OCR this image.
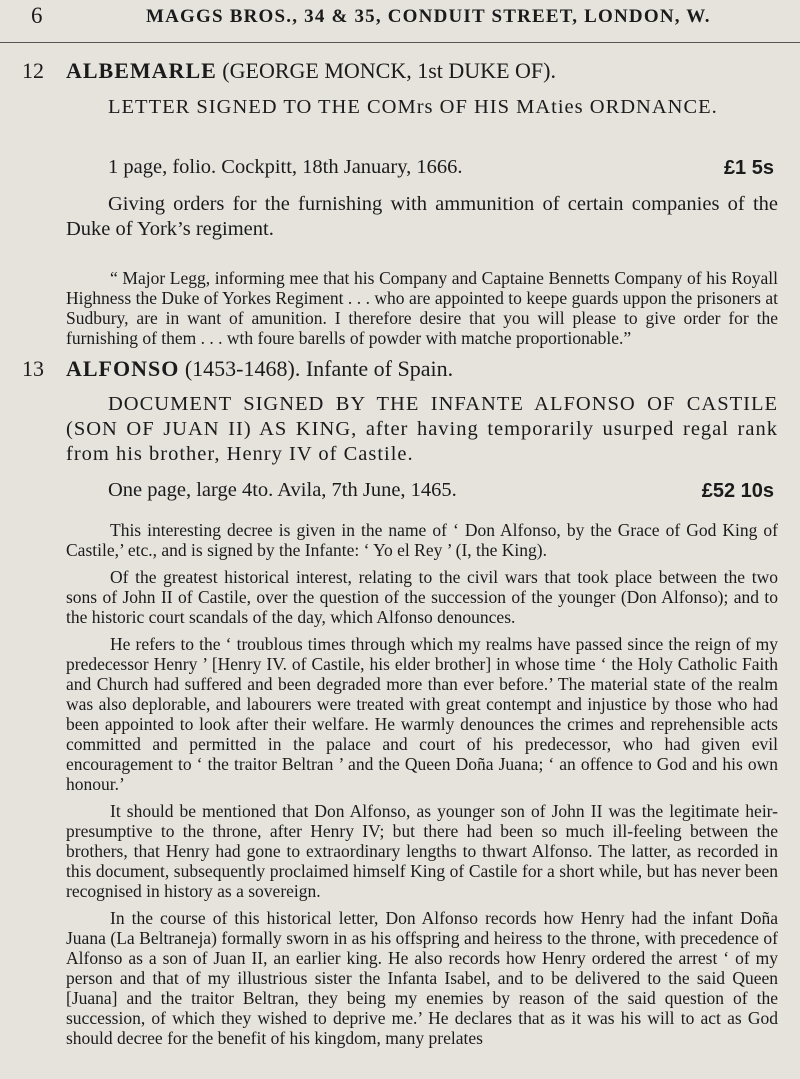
6	MAGGS BROS., 34 & 35, CONDUIT STREET, LONDON, W.
12 ALBEMARLE (GEORGE MONCK, 1st DUKE OF).
LETTER SIGNED TO THE COMrs OF HIS MAties ORDNANCE.
1 page, folio. Cockpitt, 18th January, 1666.	£1 5s
Giving orders for the furnishing with ammunition of certain companies of the Duke of York’s regiment.

“ Major Legg, informing mee that his Company and Captaine Bennetts Company of his Royall Highness the Duke of Yorkes Regiment . . . who are appointed to keepe guards uppon the prisoners at Sudbury, are in want of amunition. I therefore desire that you will please to give order for the furnishing of them . . . wth foure barells of powder with matche proportionable.”

13 ALFONSO (1453-1468). Infante of Spain.
DOCUMENT SIGNED BY THE INFANTE ALFONSO OF CASTILE (SON OF JUAN II) AS KING, after having temporarily usurped regal rank from his brother, Henry IV of Castile.
One page, large 4to. Avila, 7th June, 1465.	£52 10s

This interesting decree is given in the name of ‘ Don Alfonso, by the Grace of God King of Castile,’ etc., and is signed by the Infante: ‘ Yo el Rey ’ (I, the King).

Of the greatest historical interest, relating to the civil wars that took place between the two sons of John II of Castile, over the question of the succession of the younger (Don Alfonso); and to the historic court scandals of the day, which Alfonso denounces.

He refers to the ‘ troublous times through which my realms have passed since the reign of my predecessor Henry ’ [Henry IV. of Castile, his elder brother] in whose time ‘ the Holy Catholic Faith and Church had suffered and been degraded more than ever before.’ The material state of the realm was also deplorable, and labourers were treated with great contempt and injustice by those who had been appointed to look after their welfare. He warmly denounces the crimes and reprehensible acts committed and permitted in the palace and court of his predecessor, who had given evil encouragement to ‘ the traitor Beltran ’ and the Queen Doña Juana; ‘ an offence to God and his own honour.’

It should be mentioned that Don Alfonso, as younger son of John II was the legitimate heir-presumptive to the throne, after Henry IV; but there had been so much ill-feeling between the brothers, that Henry had gone to extraordinary lengths to thwart Alfonso. The latter, as recorded in this document, subsequently proclaimed himself King of Castile for a short while, but has never been recognised in history as a sovereign.

In the course of this historical letter, Don Alfonso records how Henry had the infant Doña Juana (La Beltraneja) formally sworn in as his offspring and heiress to the throne, with precedence of Alfonso as a son of Juan II, an earlier king. He also records how Henry ordered the arrest ‘ of my person and that of my illustrious sister the Infanta Isabel, and to be delivered to the said Queen [Juana] and the traitor Beltran, they being my enemies by reason of the said question of the succession, of which they wished to deprive me.’ He declares that as it was his will to act as God should decree for the benefit of his kingdom, many prelates
